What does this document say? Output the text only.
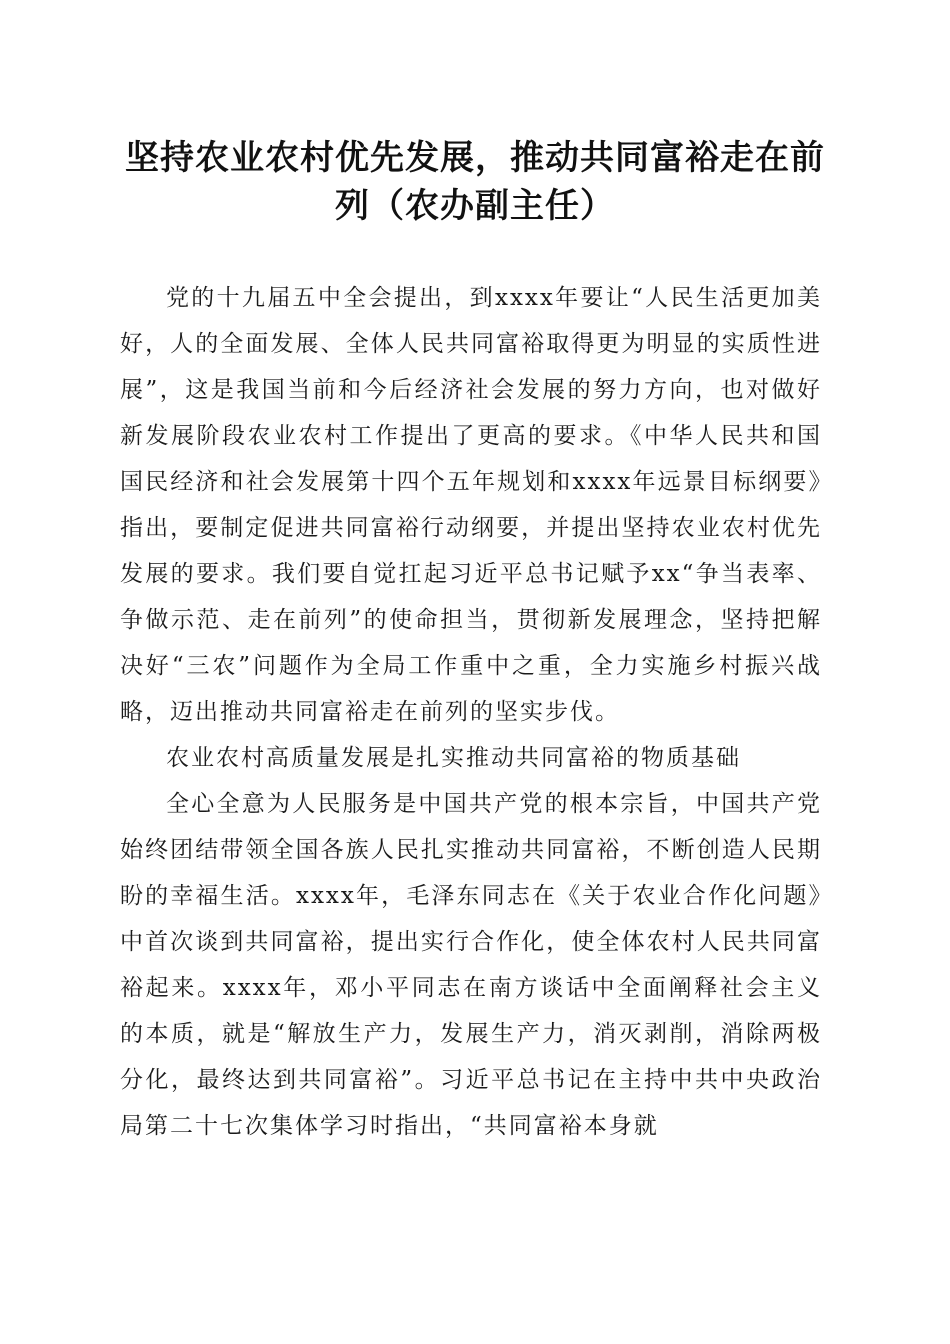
坚持农业农村优先发展，推动共同富裕走在前列（农办副主任）

党的十九届五中全会提出，到xxxx年要让“人民生活更加美好，人的全面发展、全体人民共同富裕取得更为明显的实质性进展”，这是我国当前和今后经济社会发展的努力方向，也对做好新发展阶段农业农村工作提出了更高的要求。《中华人民共和国国民经济和社会发展第十四个五年规划和xxxx年远景目标纲要》指出，要制定促进共同富裕行动纲要，并提出坚持农业农村优先发展的要求。我们要自觉扛起习近平总书记赋予xx“争当表率、争做示范、走在前列”的使命担当，贯彻新发展理念，坚持把解决好“三农”问题作为全局工作重中之重，全力实施乡村振兴战略，迈出推动共同富裕走在前列的坚实步伐。

农业农村高质量发展是扎实推动共同富裕的物质基础

全心全意为人民服务是中国共产党的根本宗旨，中国共产党始终团结带领全国各族人民扎实推动共同富裕，不断创造人民期盼的幸福生活。xxxx年，毛泽东同志在《关于农业合作化问题》中首次谈到共同富裕，提出实行合作化，使全体农村人民共同富裕起来。xxxx年，邓小平同志在南方谈话中全面阐释社会主义的本质，就是“解放生产力，发展生产力，消灭剥削，消除两极分化，最终达到共同富裕”。习近平总书记在主持中共中央政治局第二十七次集体学习时指出，“共同富裕本身就
